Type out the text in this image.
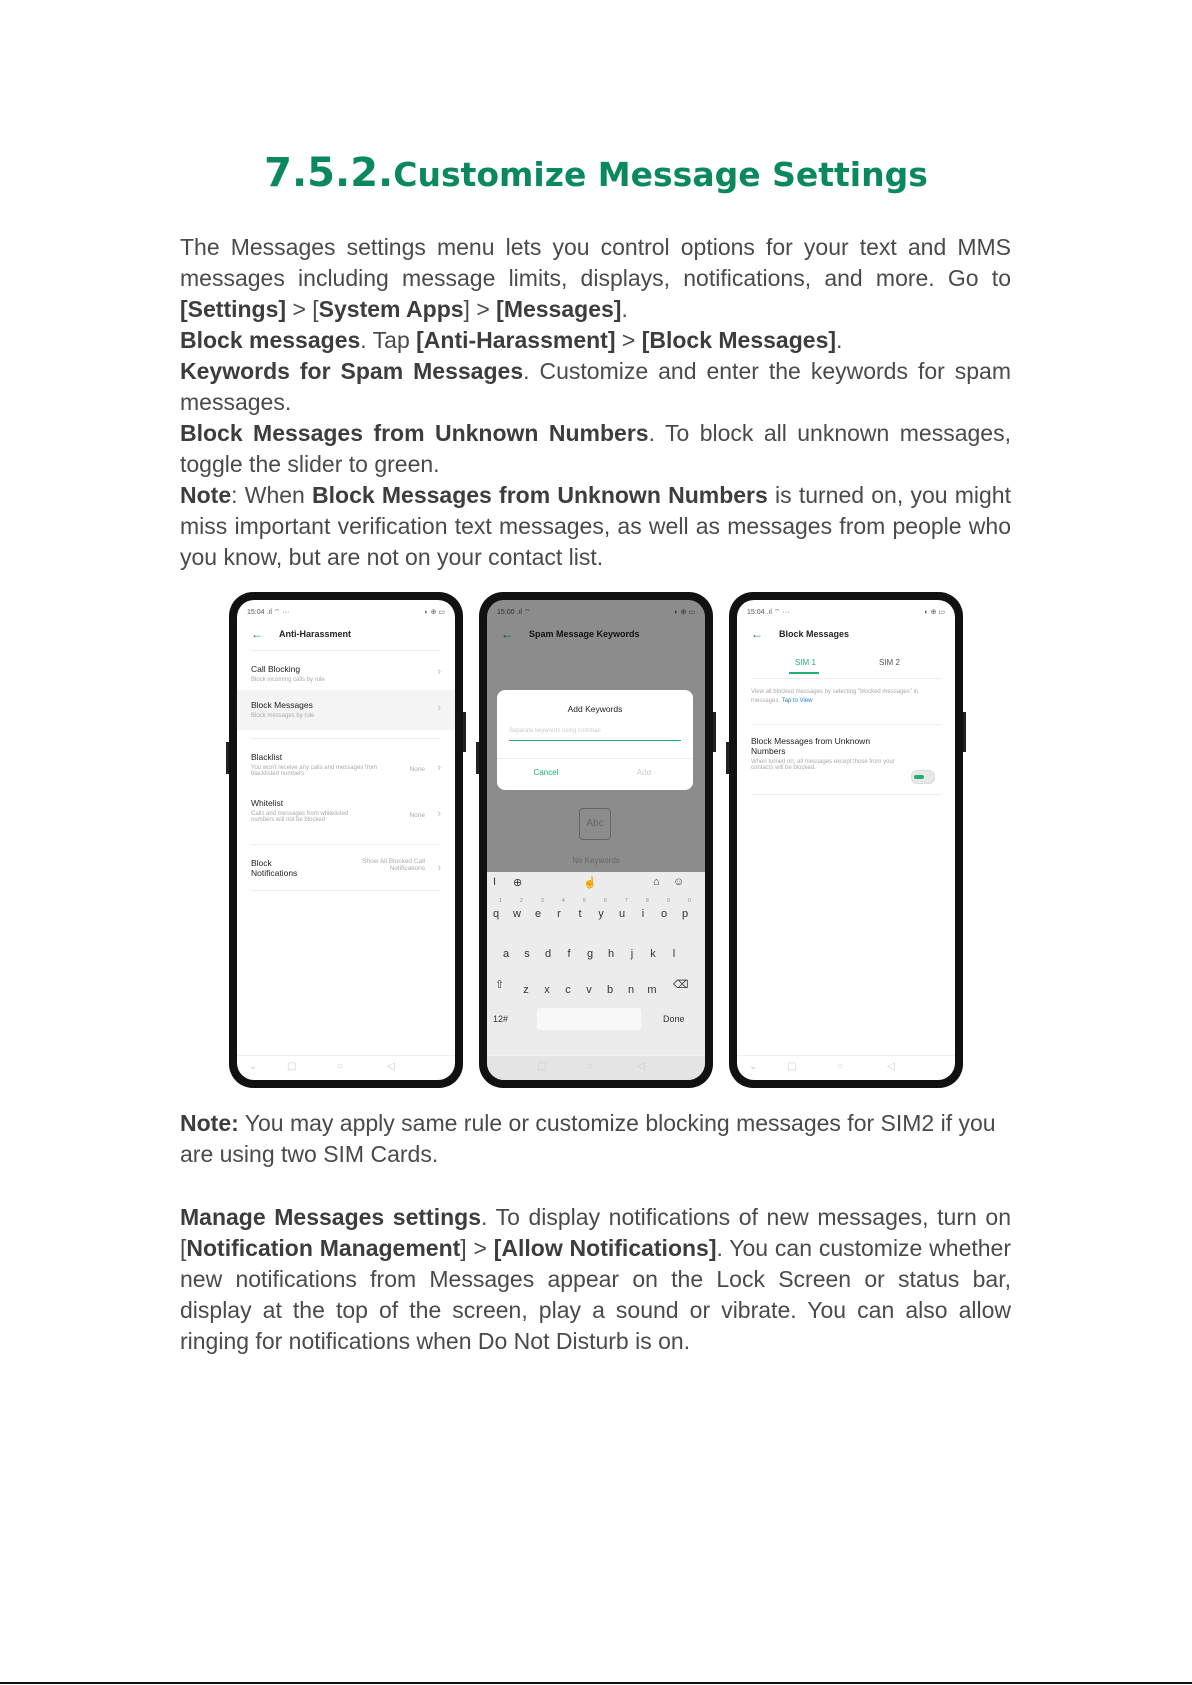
7.5.2.Customize Message Settings

The Messages settings menu lets you control options for your text and MMS messages including message limits, displays, notifications, and more. Go to [Settings] > [System Apps] > [Messages].

Block messages. Tap [Anti-Harassment] > [Block Messages].

Keywords for Spam Messages. Customize and enter the keywords for spam messages.

Block Messages from Unknown Numbers. To block all unknown messages, toggle the slider to green.

Note: When Block Messages from Unknown Numbers is turned on, you might miss important verification text messages, as well as messages from people who you know, but are not on your contact list.

15:04 .ıl ⌔ ···	◐ ⊕ ▭
← Anti-Harassment
Call Blocking
Block incoming calls by rule
›
Block Messages
Block messages by rule
›
Blacklist
You won't receive any calls and messages from blacklisted numbers
None ›
Whitelist
Calls and messages from whitelisted numbers will not be blocked
None ›
Block Notifications
Show All Blocked Call Notifications ›
⌄	▢	○	◁
15:00 .ıl ⌔	◐ ⊕ ▭
← Spam Message Keywords
Abc
No Keywords
Add Keywords
Separate keywords using commas
Cancel	Add
I ⊕	☝	⌂ ☺
q
1
w
2
e
3
r
4
t
5
y
6
u
7
i
8
o
9
p
0
a	s	d	f	g	h	j	k	l
z	x	c	v	b	n	m
⇧	⌫
12#	Done
▢	○	◁
15:04 .ıl ⌔ ···	◐ ⊕ ▭
← Block Messages
SIM 1	SIM 2
View all blocked messages by selecting "blocked messages" in messages. Tap to View
Block Messages from Unknown Numbers
When turned on, all messages except those from your contacts will be blocked.
⌄	▢	○	◁

Note: You may apply same rule or customize blocking messages for SIM2 if you are using two SIM Cards.

Manage Messages settings. To display notifications of new messages, turn on [Notification Management] > [Allow Notifications]. You can customize whether new notifications from Messages appear on the Lock Screen or status bar, display at the top of the screen, play a sound or vibrate. You can also allow ringing for notifications when Do Not Disturb is on.
